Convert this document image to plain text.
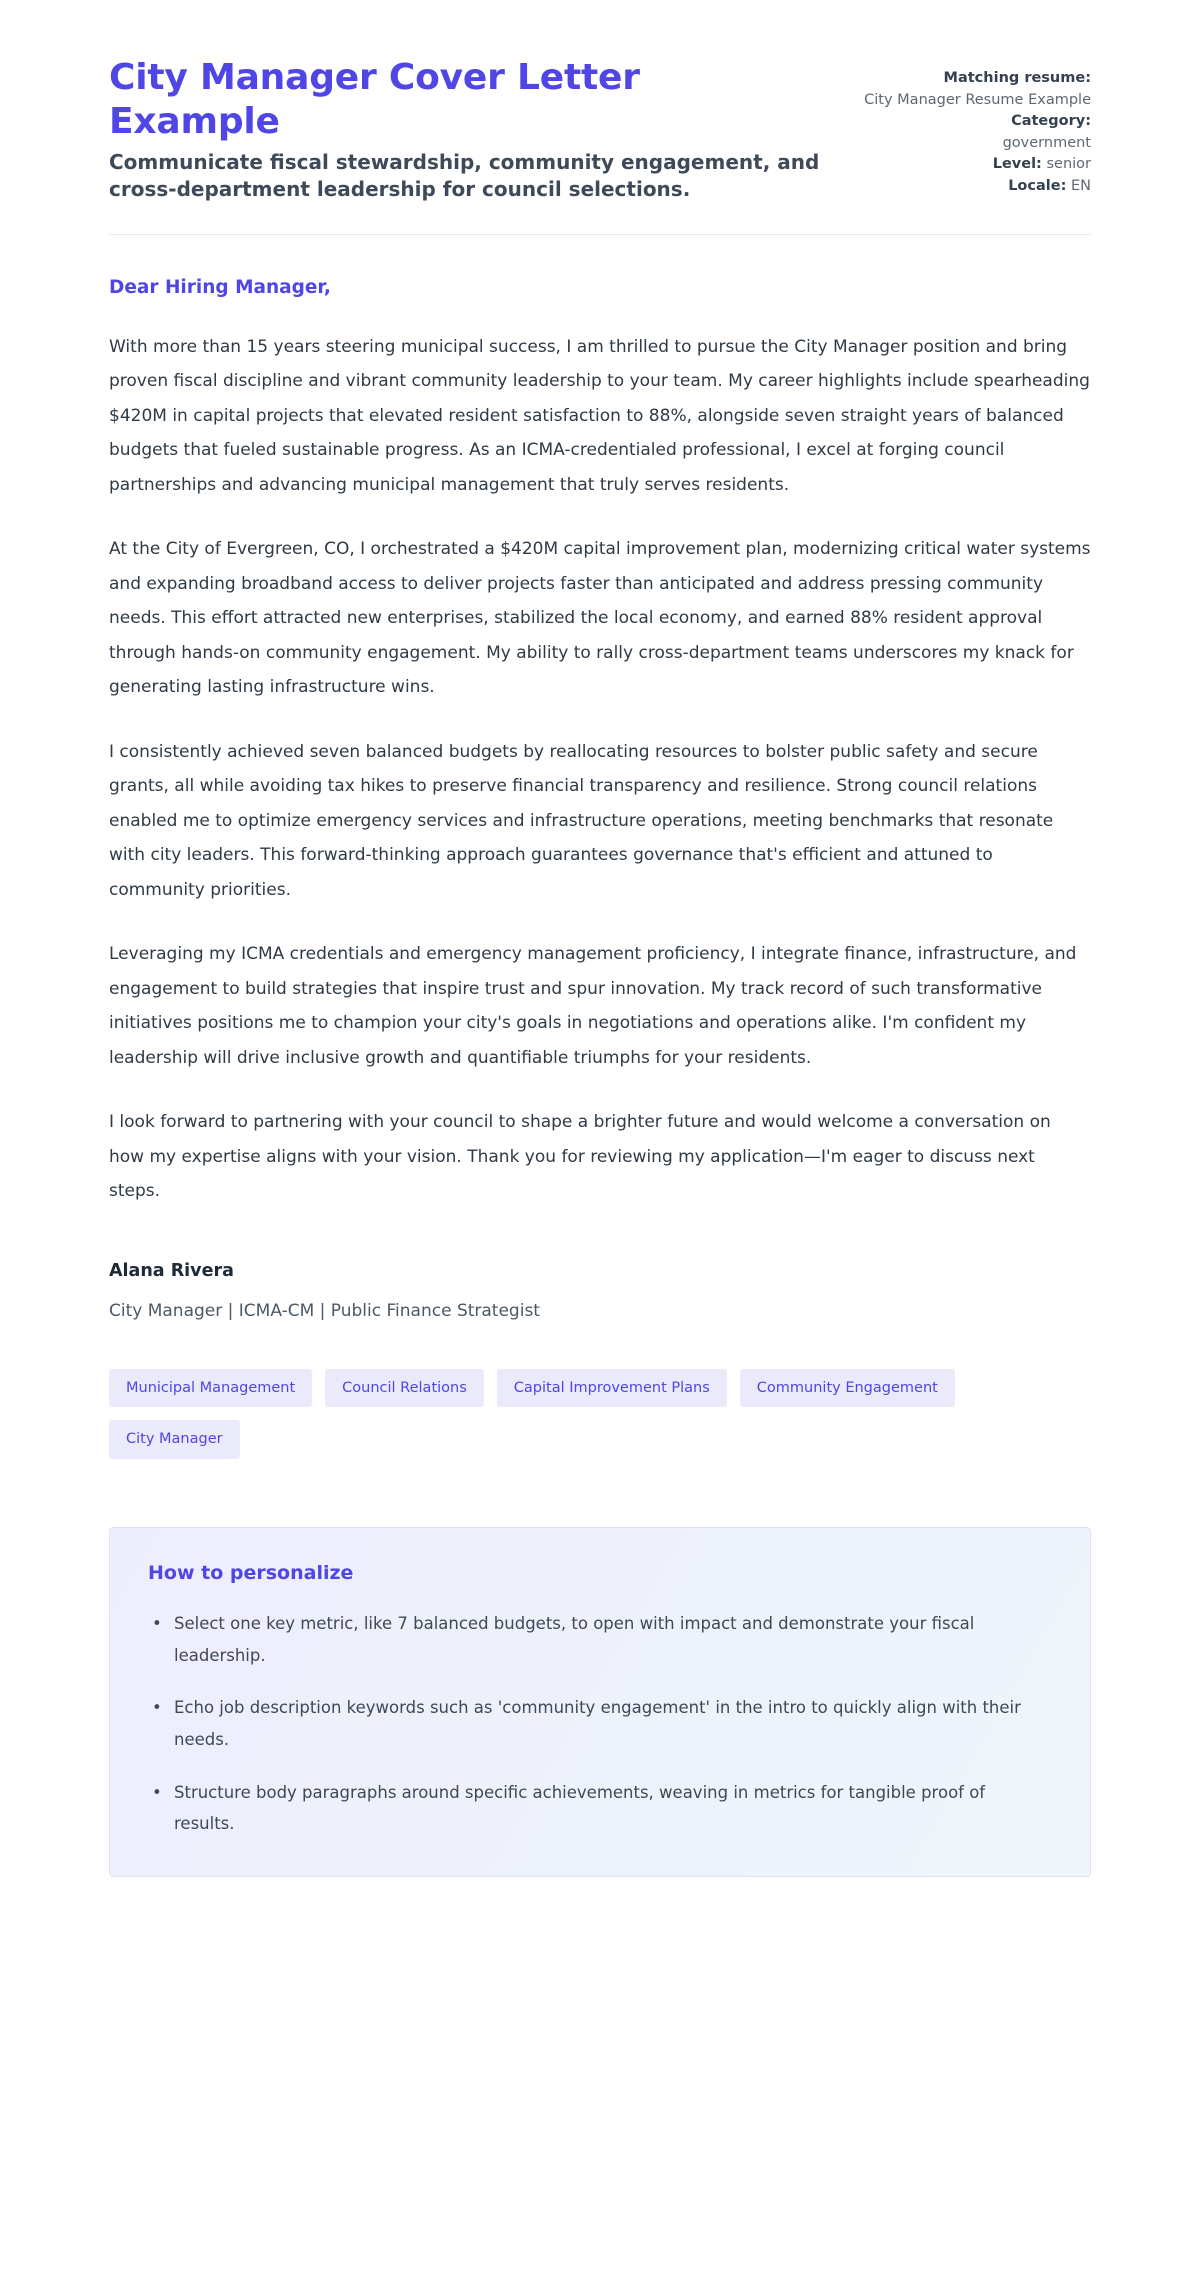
City Manager Cover Letter Example

Communicate fiscal stewardship, community engagement, and cross-department leadership for council selections.

Matching resume:
City Manager Resume Example
Category:
government
Level: senior
Locale: EN

Dear Hiring Manager,

With more than 15 years steering municipal success, I am thrilled to pursue the City Manager position and bring proven fiscal discipline and vibrant community leadership to your team. My career highlights include spearheading $420M in capital projects that elevated resident satisfaction to 88%, alongside seven straight years of balanced budgets that fueled sustainable progress. As an ICMA-credentialed professional, I excel at forging council partnerships and advancing municipal management that truly serves residents.

At the City of Evergreen, CO, I orchestrated a $420M capital improvement plan, modernizing critical water systems and expanding broadband access to deliver projects faster than anticipated and address pressing community needs. This effort attracted new enterprises, stabilized the local economy, and earned 88% resident approval through hands-on community engagement. My ability to rally cross-department teams underscores my knack for generating lasting infrastructure wins.

I consistently achieved seven balanced budgets by reallocating resources to bolster public safety and secure grants, all while avoiding tax hikes to preserve financial transparency and resilience. Strong council relations enabled me to optimize emergency services and infrastructure operations, meeting benchmarks that resonate with city leaders. This forward-thinking approach guarantees governance that's efficient and attuned to community priorities.

Leveraging my ICMA credentials and emergency management proficiency, I integrate finance, infrastructure, and engagement to build strategies that inspire trust and spur innovation. My track record of such transformative initiatives positions me to champion your city's goals in negotiations and operations alike. I'm confident my leadership will drive inclusive growth and quantifiable triumphs for your residents.

I look forward to partnering with your council to shape a brighter future and would welcome a conversation on how my expertise aligns with your vision. Thank you for reviewing my application—I'm eager to discuss next steps.

Alana Rivera

City Manager | ICMA-CM | Public Finance Strategist

Municipal Management	Council Relations	Capital Improvement Plans	Community Engagement
City Manager
How to personalize
• Select one key metric, like 7 balanced budgets, to open with impact and demonstrate your fiscal leadership.
• Echo job description keywords such as 'community engagement' in the intro to quickly align with their needs.
• Structure body paragraphs around specific achievements, weaving in metrics for tangible proof of results.
